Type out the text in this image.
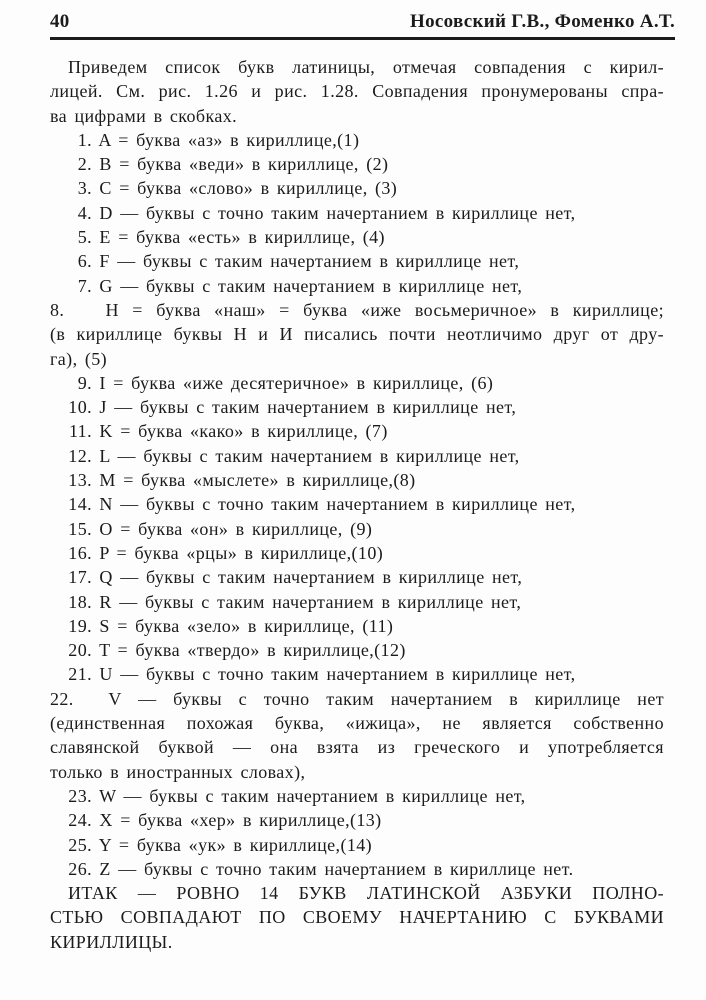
40	Носовский Г.В., Фоменко А.Т.
Приведем список букв латиницы, отмечая совпадения с кирил-
лицей. См. рис. 1.26 и рис. 1.28. Совпадения пронумерованы спра-
ва цифрами в скобках.
1. A = буква «аз» в кириллице,(1)
2. B = буква «веди» в кириллице, (2)
3. C = буква «слово» в кириллице, (3)
4. D — буквы с точно таким начертанием в кириллице нет,
5. E = буква «есть» в кириллице, (4)
6. F — буквы с таким начертанием в кириллице нет,
7. G — буквы с таким начертанием в кириллице нет,
8. H = буква «наш» = буква «иже восьмеричное» в кириллице;
(в кириллице буквы Н и И писались почти неотличимо друг от дру-
га), (5)
9. I = буква «иже десятеричное» в кириллице, (6)
10. J — буквы с таким начертанием в кириллице нет,
11. K = буква «како» в кириллице, (7)
12. L — буквы с таким начертанием в кириллице нет,
13. M = буква «мыслете» в кириллице,(8)
14. N — буквы с точно таким начертанием в кириллице нет,
15. O = буква «он» в кириллице, (9)
16. P = буква «рцы» в кириллице,(10)
17. Q — буквы с таким начертанием в кириллице нет,
18. R — буквы с таким начертанием в кириллице нет,
19. S = буква «зело» в кириллице, (11)
20. T = буква «твердо» в кириллице,(12)
21. U — буквы с точно таким начертанием в кириллице нет,
22. V — буквы с точно таким начертанием в кириллице нет
(единственная похожая буква, «ижица», не является собственно
славянской буквой — она взята из греческого и употребляется
только в иностранных словах),
23. W — буквы с таким начертанием в кириллице нет,
24. X = буква «хер» в кириллице,(13)
25. Y = буква «ук» в кириллице,(14)
26. Z — буквы с точно таким начертанием в кириллице нет.
ИТАК — РОВНО 14 БУКВ ЛАТИНСКОЙ АЗБУКИ ПОЛНО-
СТЬЮ СОВПАДАЮТ ПО СВОЕМУ НАЧЕРТАНИЮ С БУКВАМИ
КИРИЛЛИЦЫ.
